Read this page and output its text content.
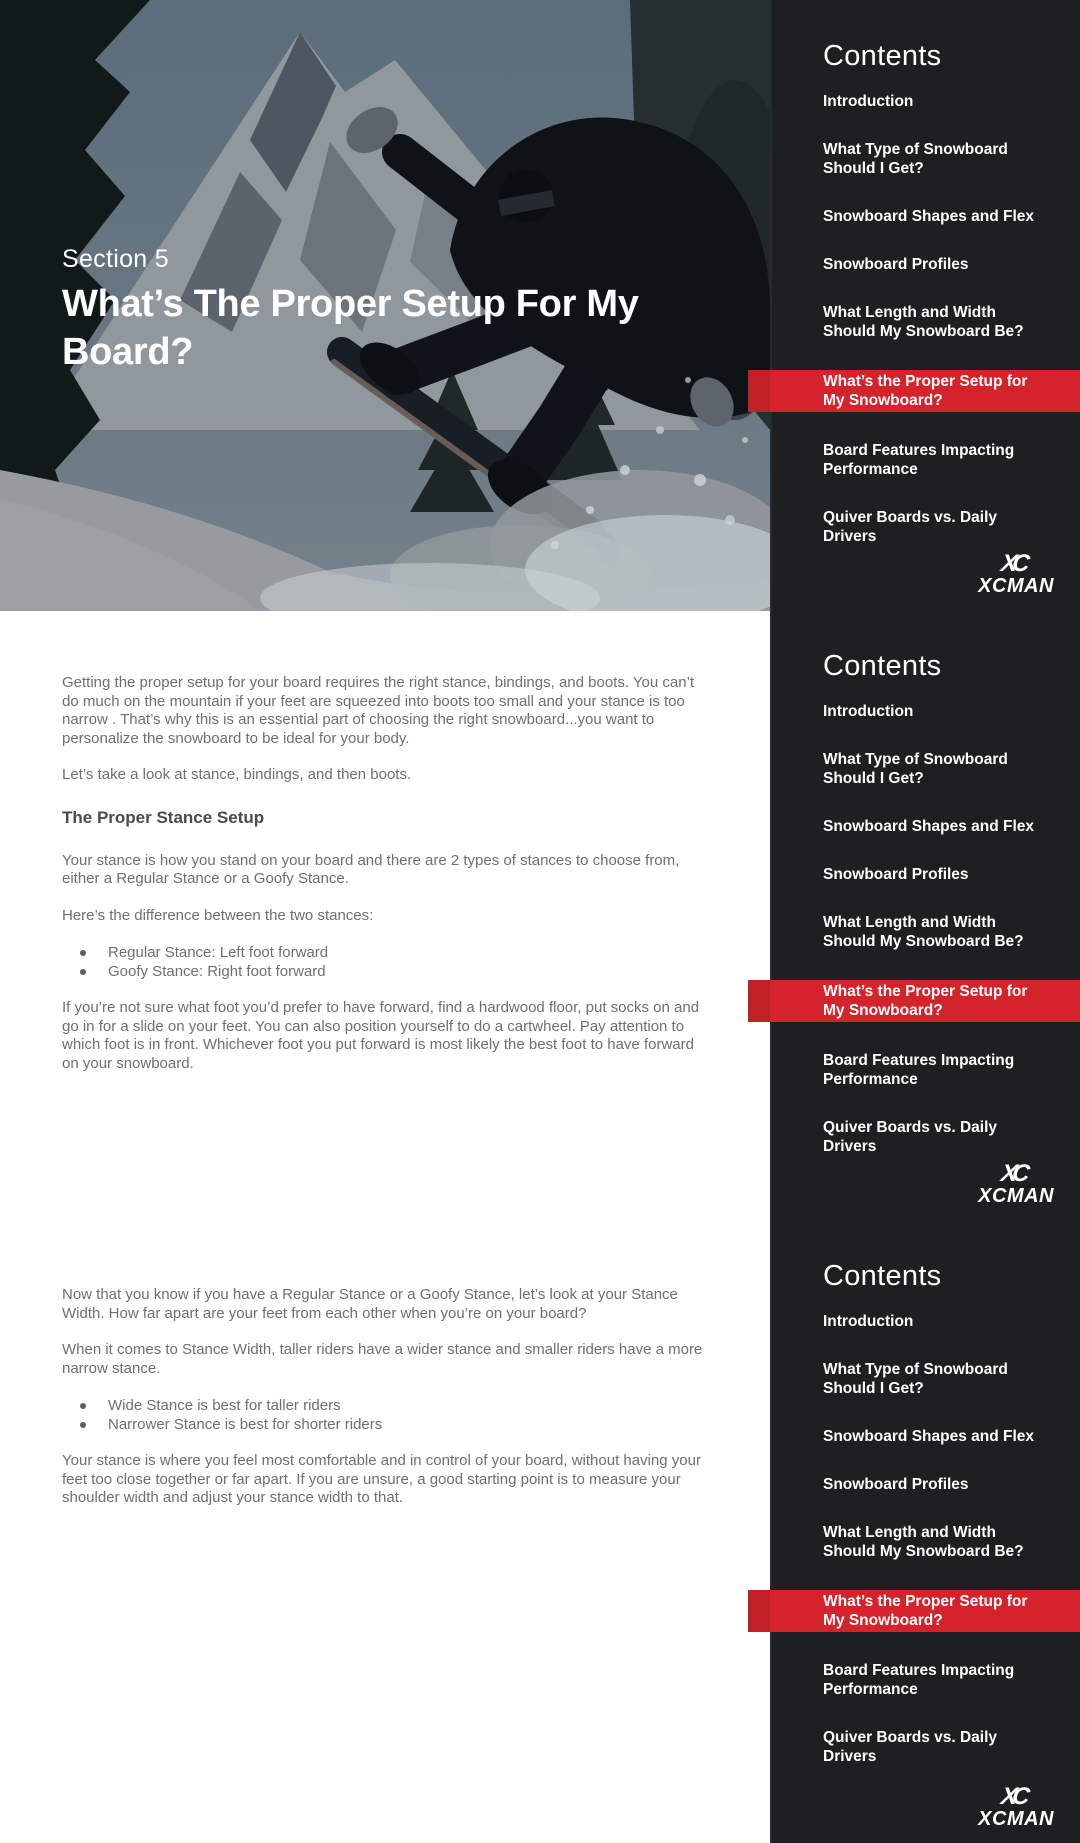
Section 5
What’s The Proper Setup For My Board?

Getting the proper setup for your board requires the right stance, bindings, and boots. You can’t do much on the mountain if your feet are squeezed into boots too small and your stance is too narrow . That’s why this is an essential part of choosing the right snowboard...you want to personalize the snowboard to be ideal for your body.

Let’s take a look at stance, bindings, and then boots.

The Proper Stance Setup

Your stance is how you stand on your board and there are 2 types of stances to choose from, either a Regular Stance or a Goofy Stance.

Here’s the difference between the two stances:

Regular Stance: Left foot forward
Goofy Stance: Right foot forward

If you’re not sure what foot you’d prefer to have forward, find a hardwood floor, put socks on and go in for a slide on your feet. You can also position yourself to do a cartwheel. Pay attention to which foot is in front. Whichever foot you put forward is most likely the best foot to have forward on your snowboard.

Now that you know if you have a Regular Stance or a Goofy Stance, let’s look at your Stance Width. How far apart are your feet from each other when you’re on your board?

When it comes to Stance Width, taller riders have a wider stance and smaller riders have a more narrow stance.

Wide Stance is best for taller riders
Narrower Stance is best for shorter riders

Your stance is where you feel most comfortable and in control of your board, without having your feet too close together or far apart. If you are unsure, a good starting point is to measure your shoulder width and adjust your stance width to that.

Contents
Introduction
What Type of Snowboard Should I Get?
Snowboard Shapes and Flex
Snowboard Profiles
What Length and Width Should My Snowboard Be?
What’s the Proper Setup for My Snowboard?
Board Features Impacting Performance
Quiver Boards vs. Daily Drivers
XC
XCMAN
Contents
Introduction
What Type of Snowboard Should I Get?
Snowboard Shapes and Flex
Snowboard Profiles
What Length and Width Should My Snowboard Be?
What’s the Proper Setup for My Snowboard?
Board Features Impacting Performance
Quiver Boards vs. Daily Drivers
XC
XCMAN
Contents
Introduction
What Type of Snowboard Should I Get?
Snowboard Shapes and Flex
Snowboard Profiles
What Length and Width Should My Snowboard Be?
What’s the Proper Setup for My Snowboard?
Board Features Impacting Performance
Quiver Boards vs. Daily Drivers
XC
XCMAN
